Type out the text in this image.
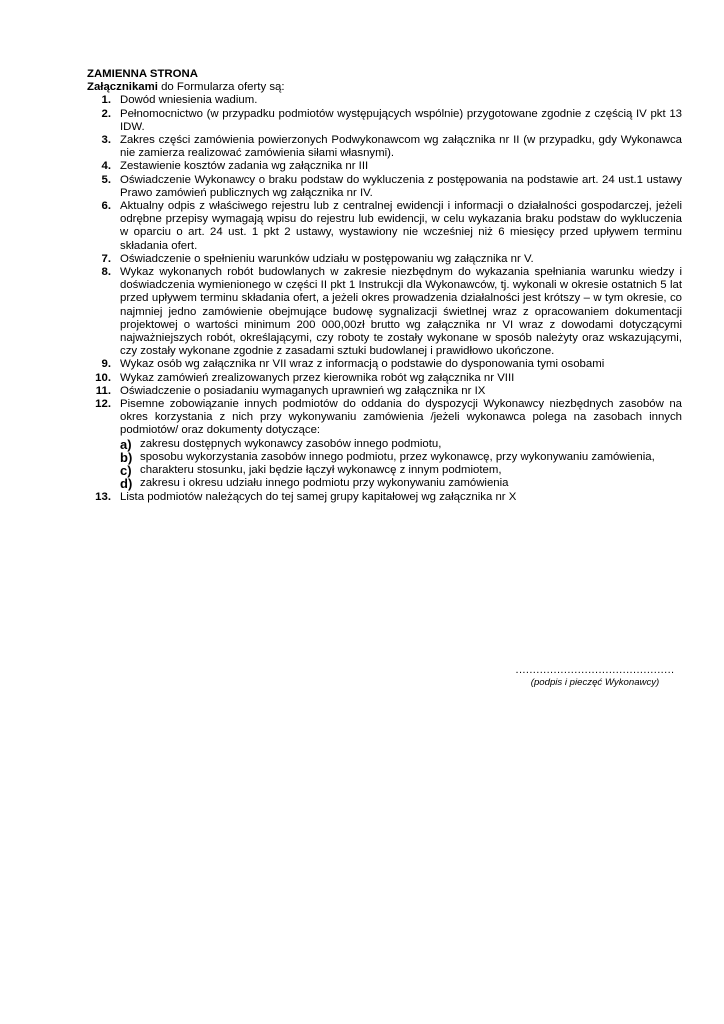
ZAMIENNA STRONA
Załącznikami do Formularza oferty są:
1. Dowód wniesienia wadium.
2. Pełnomocnictwo (w przypadku podmiotów występujących wspólnie) przygotowane zgodnie z częścią IV pkt 13 IDW.
3. Zakres części zamówienia powierzonych Podwykonawcom wg załącznika nr II (w przypadku, gdy Wykonawca nie zamierza realizować zamówienia siłami własnymi).
4. Zestawienie kosztów zadania wg załącznika nr III
5. Oświadczenie Wykonawcy o braku podstaw do wykluczenia z postępowania na podstawie art. 24 ust.1 ustawy Prawo zamówień publicznych wg załącznika nr IV.
6. Aktualny odpis z właściwego rejestru lub z centralnej ewidencji i informacji o działalności gospodarczej, jeżeli odrębne przepisy wymagają wpisu do rejestru lub ewidencji, w celu wykazania braku podstaw do wykluczenia w oparciu o art. 24 ust. 1 pkt 2 ustawy, wystawiony nie wcześniej niż 6 miesięcy przed upływem terminu składania ofert.
7. Oświadczenie o spełnieniu warunków udziału w postępowaniu wg załącznika nr V.
8. Wykaz wykonanych robót budowlanych w zakresie niezbędnym do wykazania spełniania warunku wiedzy i doświadczenia wymienionego w części II pkt 1 Instrukcji dla Wykonawców, tj. wykonali w okresie ostatnich 5 lat przed upływem terminu składania ofert, a jeżeli okres prowadzenia działalności jest krótszy – w tym okresie, co najmniej jedno zamówienie obejmujące budowę sygnalizacji świetlnej wraz z opracowaniem dokumentacji projektowej o wartości minimum 200 000,00zł brutto wg załącznika nr VI wraz z dowodami dotyczącymi najważniejszych robót, określającymi, czy roboty te zostały wykonane w sposób należyty oraz wskazującymi, czy zostały wykonane zgodnie z zasadami sztuki budowlanej i prawidłowo ukończone.
9. Wykaz osób wg załącznika nr VII wraz z informacją o podstawie do dysponowania tymi osobami
10. Wykaz zamówień zrealizowanych przez kierownika robót wg załącznika nr VIII
11. Oświadczenie o posiadaniu wymaganych uprawnień wg załącznika nr IX
12. Pisemne zobowiązanie innych podmiotów do oddania do dyspozycji Wykonawcy niezbędnych zasobów na okres korzystania z nich przy wykonywaniu zamówienia /jeżeli wykonawca polega na zasobach innych podmiotów/ oraz dokumenty dotyczące:
a) zakresu dostępnych wykonawcy zasobów innego podmiotu,
b) sposobu wykorzystania zasobów innego podmiotu, przez wykonawcę, przy wykonywaniu zamówienia,
c) charakteru stosunku, jaki będzie łączył wykonawcę z innym podmiotem,
d) zakresu i okresu udziału innego podmiotu przy wykonywaniu zamówienia
13. Lista podmiotów należących do tej samej grupy kapitałowej wg załącznika nr X
..............................................
(podpis i pieczęć Wykonawcy)
